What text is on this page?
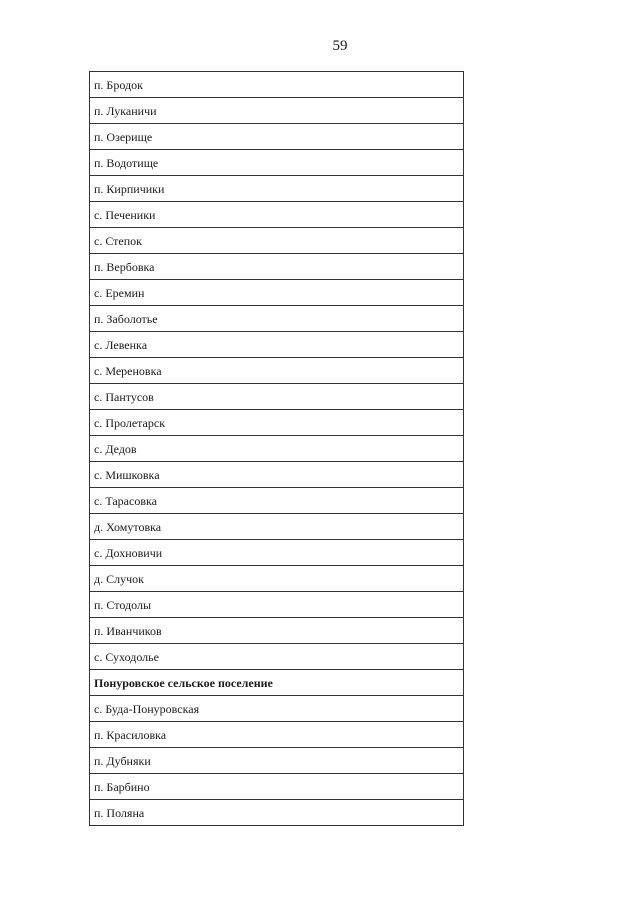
59
п. Бродок
п. Луканичи
п. Озерище
п. Водотище
п. Кирпичики
с. Печеники
с. Степок
п. Вербовка
с. Еремин
п. Заболотье
с. Левенка
с. Мереновка
с. Пантусов
с. Пролетарск
с. Дедов
с. Мишковка
с. Тарасовка
д. Хомутовка
с. Дохновичи
д. Случок
п. Стодолы
п. Иванчиков
с. Суходолье
Понуровское сельское поселение
с. Буда-Понуровская
п. Красиловка
п. Дубняки
п. Барбино
п. Поляна
